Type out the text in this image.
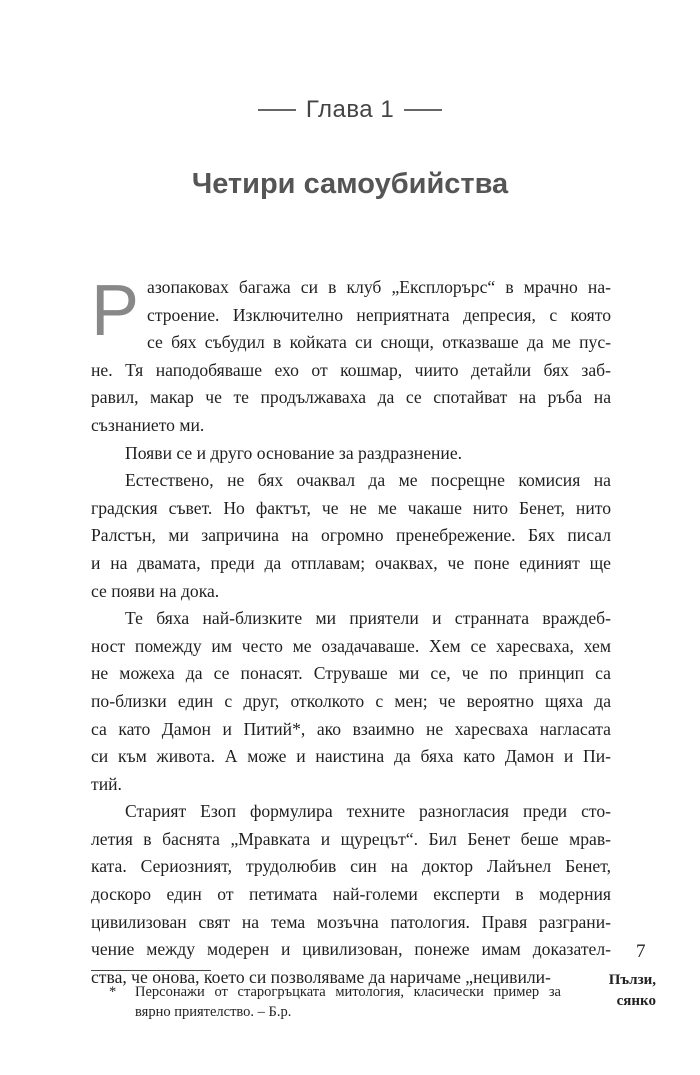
Глава 1
Четири самоубийства

Р азопаковах багажа си в клуб „Експлорърс“ в мрачно на-
строение. Изключително неприятната депресия, с която
се бях събудил в койката си снощи, отказваше да ме пус-
не. Тя наподобяваше ехо от кошмар, чиито детайли бях заб-
равил, макар че те продължаваха да се спотайват на ръба на
съзнанието ми.

Появи се и друго основание за раздразнение.

Естествено, не бях очаквал да ме посрещне комисия на
градския съвет. Но фактът, че не ме чакаше нито Бенет, нито
Ралстън, ми запричина на огромно пренебрежение. Бях писал
и на двамата, преди да отплавам; очаквах, че поне единият ще
се появи на дока.

Те бяха най-близките ми приятели и странната враждеб-
ност помежду им често ме озадачаваше. Хем се харесваха, хем
не можеха да се понасят. Струваше ми се, че по принцип са
по-близки един с друг, отколкото с мен; че вероятно щяха да
са като Дамон и Питий*, ако взаимно не харесваха нагласата
си към живота. А може и наистина да бяха като Дамон и Пи-
тий.

Старият Езоп формулира техните разногласия преди сто-
летия в баснята „Мравката и щурецът“. Бил Бенет беше мрав-
ката. Сериозният, трудолюбив син на доктор Лайънел Бенет,
доскоро един от петимата най-големи експерти в модерния
цивилизован свят на тема мозъчна патология. Правя разграни-
чение между модерен и цивилизован, понеже имам доказател-
ства, че онова, което си позволяваме да наричаме „нецивили-

7
* Персонажи от старогръцката митология, класически пример за
вярно приятелство. – Б.р.
Пълзи,
сянко
